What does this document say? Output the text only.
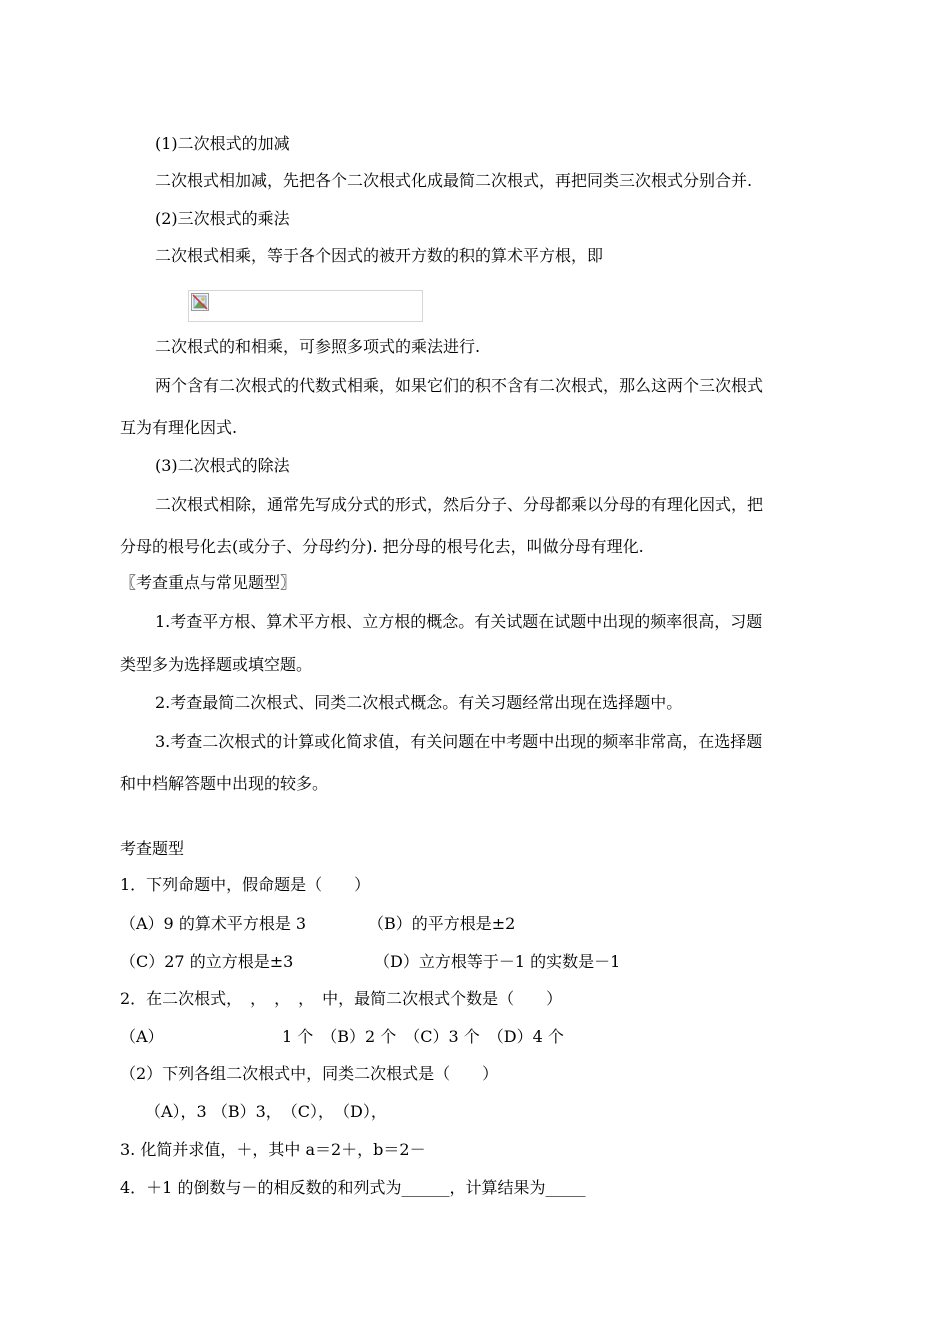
(1)二次根式的加减
二次根式相加减，先把各个二次根式化成最简二次根式，再把同类三次根式分别合并.
(2)三次根式的乘法
二次根式相乘，等于各个因式的被开方数的积的算术平方根，即
二次根式的和相乘，可参照多项式的乘法进行.
两个含有二次根式的代数式相乘，如果它们的积不含有二次根式，那么这两个三次根式
互为有理化因式.
(3)二次根式的除法
二次根式相除，通常先写成分式的形式，然后分子、分母都乘以分母的有理化因式，把
分母的根号化去(或分子、分母约分). 把分母的根号化去，叫做分母有理化.
〖考查重点与常见题型〗
1.考查平方根、算术平方根、立方根的概念。有关试题在试题中出现的频率很高，习题
类型多为选择题或填空题。
2.考查最简二次根式、同类二次根式概念。有关习题经常出现在选择题中。
3.考查二次根式的计算或化简求值，有关问题在中考题中出现的频率非常高，在选择题
和中档解答题中出现的较多。
考查题型
1．下列命题中，假命题是（　　）
（A）9 的算术平方根是 3	（B）的平方根是±2
（C）27 的立方根是±3	（D）立方根等于－1 的实数是－1
2．在二次根式，　，　，　，　中，最简二次根式个数是（　　）
（A）	1 个　（B）2 个　（C）3 个　（D）4 个
（2）下列各组二次根式中，同类二次根式是（　　）
（A），3 （B）3，　（C），　（D），
3. 化简并求值，＋，其中 a＝2＋，b＝2－
4．＋1 的倒数与－的相反数的和列式为______，计算结果为_____
